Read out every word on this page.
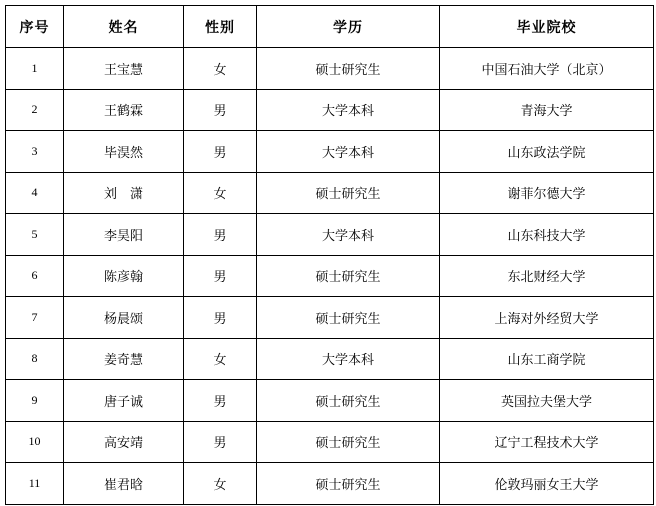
序号	姓名	性别	学历	毕业院校
1	王宝慧	女	硕士研究生	中国石油大学（北京）
2	王鹤霖	男	大学本科	青海大学
3	毕淏然	男	大学本科	山东政法学院
4	刘　潇	女	硕士研究生	谢菲尔德大学
5	李昊阳	男	大学本科	山东科技大学
6	陈彦翰	男	硕士研究生	东北财经大学
7	杨晨颂	男	硕士研究生	上海对外经贸大学
8	姜奇慧	女	大学本科	山东工商学院
9	唐子诚	男	硕士研究生	英国拉夫堡大学
10	高安靖	男	硕士研究生	辽宁工程技术大学
11	崔君晗	女	硕士研究生	伦敦玛丽女王大学
